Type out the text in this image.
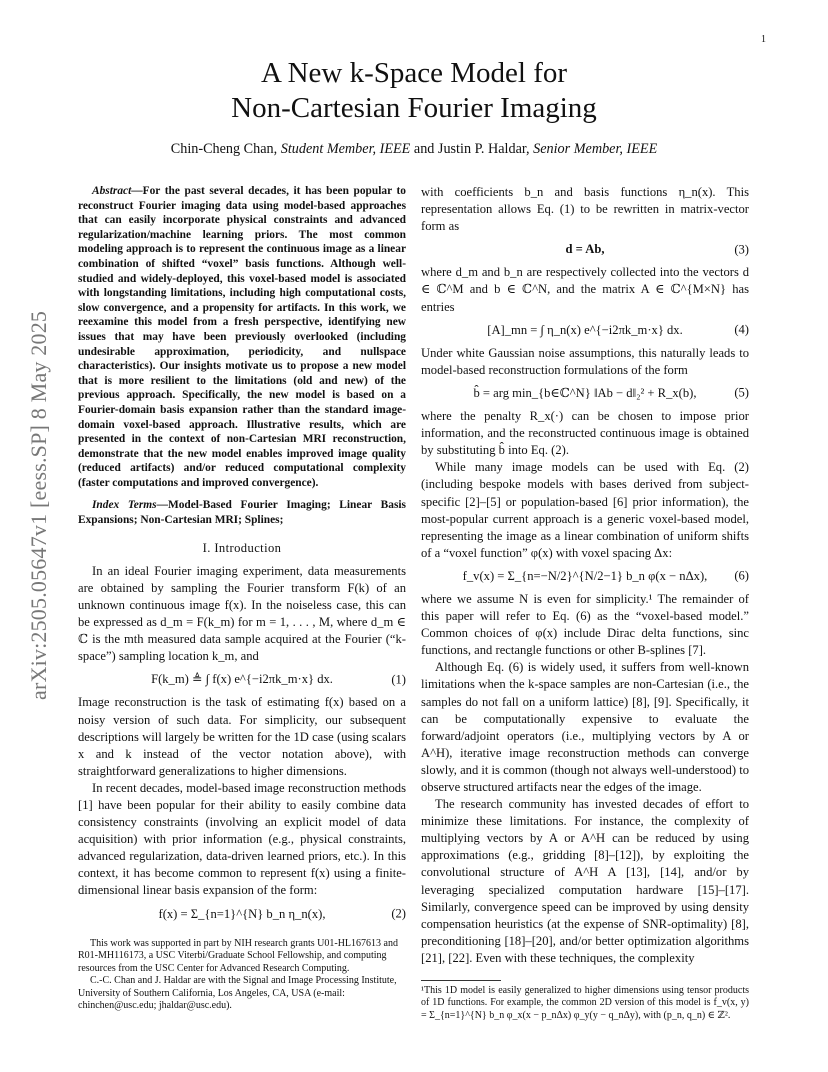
1
arXiv:2505.05647v1 [eess.SP] 8 May 2025
A New k-Space Model for
Non-Cartesian Fourier Imaging
Chin-Cheng Chan, Student Member, IEEE and Justin P. Haldar, Senior Member, IEEE

Abstract—For the past several decades, it has been popular to reconstruct Fourier imaging data using model-based approaches that can easily incorporate physical constraints and advanced regularization/machine learning priors. The most common modeling approach is to represent the continuous image as a linear combination of shifted “voxel” basis functions. Although well-studied and widely-deployed, this voxel-based model is associated with longstanding limitations, including high computational costs, slow convergence, and a propensity for artifacts. In this work, we reexamine this model from a fresh perspective, identifying new issues that may have been previously overlooked (including undesirable approximation, periodicity, and nullspace characteristics). Our insights motivate us to propose a new model that is more resilient to the limitations (old and new) of the previous approach. Specifically, the new model is based on a Fourier-domain basis expansion rather than the standard image-domain voxel-based approach. Illustrative results, which are presented in the context of non-Cartesian MRI reconstruction, demonstrate that the new model enables improved image quality (reduced artifacts) and/or reduced computational complexity (faster computations and improved convergence).

Index Terms—Model-Based Fourier Imaging; Linear Basis Expansions; Non-Cartesian MRI; Splines;

I. Introduction

In an ideal Fourier imaging experiment, data measurements are obtained by sampling the Fourier transform F(k) of an unknown continuous image f(x). In the noiseless case, this can be expressed as d_m = F(k_m) for m = 1, . . . , M, where d_m ∈ ℂ is the mth measured data sample acquired at the Fourier (“k-space”) sampling location k_m, and

F(k_m) ≜ ∫ f(x) e^{−i2πk_m·x} dx.	(1)

Image reconstruction is the task of estimating f(x) based on a noisy version of such data. For simplicity, our subsequent descriptions will largely be written for the 1D case (using scalars x and k instead of the vector notation above), with straightforward generalizations to higher dimensions.

In recent decades, model-based image reconstruction methods [1] have been popular for their ability to easily combine data consistency constraints (involving an explicit model of data acquisition) with prior information (e.g., physical constraints, advanced regularization, data-driven learned priors, etc.). In this context, it has become common to represent f(x) using a finite-dimensional linear basis expansion of the form:

f(x) = Σ_{n=1}^{N} b_n η_n(x),	(2)

This work was supported in part by NIH research grants U01-HL167613 and R01-MH116173, a USC Viterbi/Graduate School Fellowship, and computing resources from the USC Center for Advanced Research Computing.

C.-C. Chan and J. Haldar are with the Signal and Image Processing Institute, University of Southern California, Los Angeles, CA, USA (e-mail: chinchen@usc.edu; jhaldar@usc.edu).

with coefficients b_n and basis functions η_n(x). This representation allows Eq. (1) to be rewritten in matrix-vector form as

d = Ab,	(3)

where d_m and b_n are respectively collected into the vectors d ∈ ℂ^M and b ∈ ℂ^N, and the matrix A ∈ ℂ^{M×N} has entries

[A]_mn = ∫ η_n(x) e^{−i2πk_m·x} dx.	(4)

Under white Gaussian noise assumptions, this naturally leads to model-based reconstruction formulations of the form

b̂ = arg min_{b∈ℂ^N} ‖Ab − d‖₂² + R_x(b),	(5)

where the penalty R_x(·) can be chosen to impose prior information, and the reconstructed continuous image is obtained by substituting b̂ into Eq. (2).

While many image models can be used with Eq. (2) (including bespoke models with bases derived from subject-specific [2]–[5] or population-based [6] prior information), the most-popular current approach is a generic voxel-based model, representing the image as a linear combination of uniform shifts of a “voxel function” φ(x) with voxel spacing Δx:

f_v(x) = Σ_{n=−N/2}^{N/2−1} b_n φ(x − nΔx), (6)

where we assume N is even for simplicity.¹ The remainder of this paper will refer to Eq. (6) as the “voxel-based model.” Common choices of φ(x) include Dirac delta functions, sinc functions, and rectangle functions or other B-splines [7].

Although Eq. (6) is widely used, it suffers from well-known limitations when the k-space samples are non-Cartesian (i.e., the samples do not fall on a uniform lattice) [8], [9]. Specifically, it can be computationally expensive to evaluate the forward/adjoint operators (i.e., multiplying vectors by A or A^H), iterative image reconstruction methods can converge slowly, and it is common (though not always well-understood) to observe structured artifacts near the edges of the image.

The research community has invested decades of effort to minimize these limitations. For instance, the complexity of multiplying vectors by A or A^H can be reduced by using approximations (e.g., gridding [8]–[12]), by exploiting the convolutional structure of A^H A [13], [14], and/or by leveraging specialized computation hardware [15]–[17]. Similarly, convergence speed can be improved by using density compensation heuristics (at the expense of SNR-optimality) [8], preconditioning [18]–[20], and/or better optimization algorithms [21], [22]. Even with these techniques, the complexity

¹This 1D model is easily generalized to higher dimensions using tensor products of 1D functions. For example, the common 2D version of this model is f_v(x, y) = Σ_{n=1}^{N} b_n φ_x(x − p_nΔx) φ_y(y − q_nΔy), with (p_n, q_n) ∈ ℤ².
